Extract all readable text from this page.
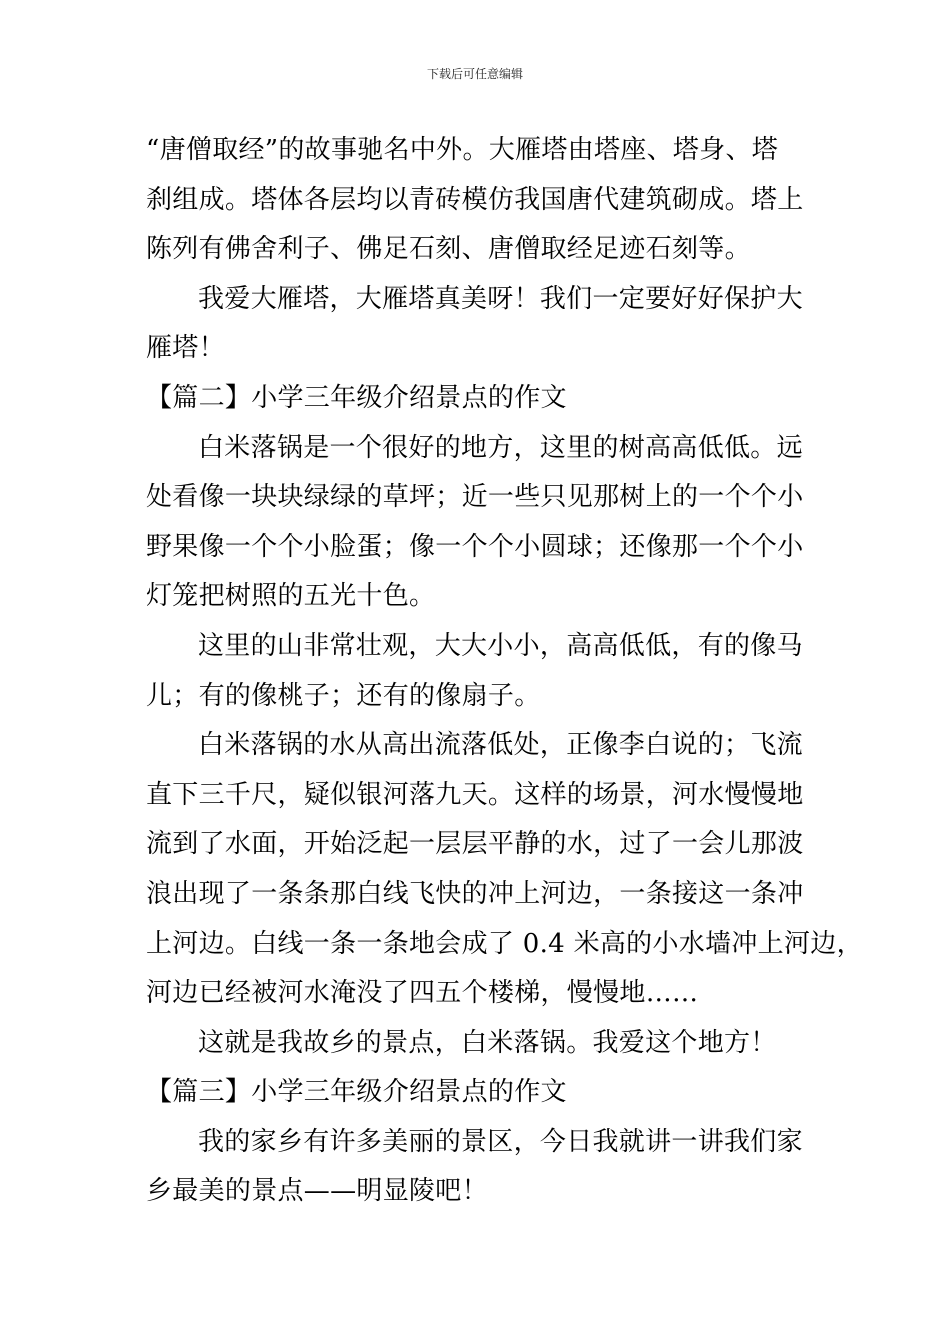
下载后可任意编辑
“唐僧取经”的故事驰名中外。大雁塔由塔座、塔身、塔
刹组成。塔体各层均以青砖模仿我国唐代建筑砌成。塔上
陈列有佛舍利子、佛足石刻、唐僧取经足迹石刻等。
我爱大雁塔，大雁塔真美呀！我们一定要好好保护大
雁塔！
【篇二】小学三年级介绍景点的作文
白米落锅是一个很好的地方，这里的树高高低低。远
处看像一块块绿绿的草坪；近一些只见那树上的一个个小
野果像一个个小脸蛋；像一个个小圆球；还像那一个个小
灯笼把树照的五光十色。
这里的山非常壮观，大大小小，高高低低，有的像马
儿；有的像桃子；还有的像扇子。
白米落锅的水从高出流落低处，正像李白说的；飞流
直下三千尺，疑似银河落九天。这样的场景，河水慢慢地
流到了水面，开始泛起一层层平静的水，过了一会儿那波
浪出现了一条条那白线飞快的冲上河边，一条接这一条冲
上河边。白线一条一条地会成了 0.4 米高的小水墙冲上河边，
河边已经被河水淹没了四五个楼梯，慢慢地……
这就是我故乡的景点，白米落锅。我爱这个地方！
【篇三】小学三年级介绍景点的作文
我的家乡有许多美丽的景区，今日我就讲一讲我们家
乡最美的景点——明显陵吧！
